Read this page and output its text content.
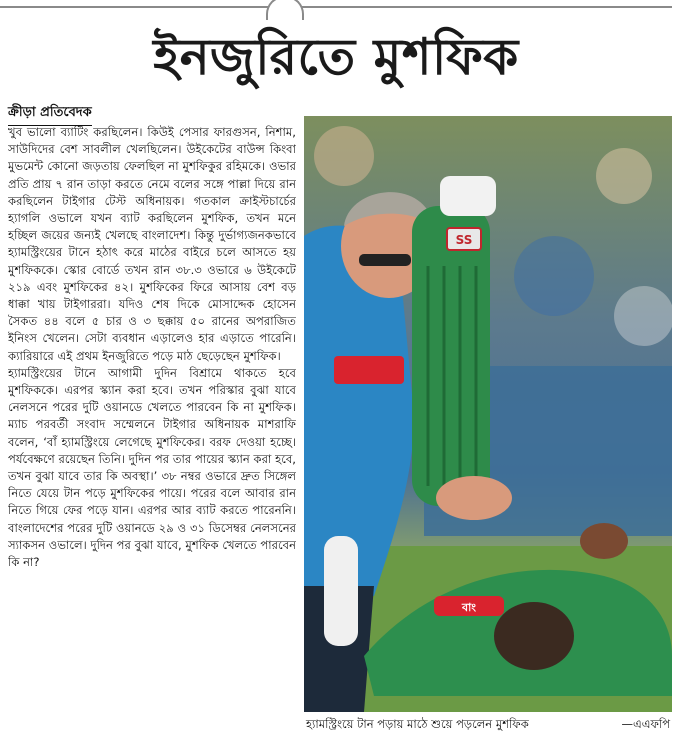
ইনজুরিতে মুশফিক
ক্রীড়া প্রতিবেদক

খুব ভালো ব্যাটিং করছিলেন। কিউই পেসার ফারগুসন, নিশাম, সাউদিদের বেশ সাবলীল খেলছিলেন। উইকেটের বাউন্স কিংবা মুভমেন্ট কোনো জড়তায় ফেলছিল না মুশফিকুর রহিমকে। ওভার প্রতি প্রায় ৭ রান তাড়া করতে নেমে বলের সঙ্গে পাল্লা দিয়ে রান করছিলেন টাইগার টেস্ট অধিনায়ক। গতকাল ক্রাইস্টচার্চের হ্যাগলি ওভালে যখন ব্যাট করছিলেন মুশফিক, তখন মনে হচ্ছিল জয়ের জন্যই খেলছে বাংলাদেশ। কিন্তু দুর্ভাগ্যজনকভাবে হ্যামস্ট্রিংয়ের টানে হঠাৎ করে মাঠের বাইরে চলে আসতে হয় মুশফিককে। স্কোর বোর্ডে তখন রান ৩৮.৩ ওভারে ৬ উইকেটে ২১৯ এবং মুশফিকের ৪২। মুশফিকের ফিরে আসায় বেশ বড় ধাক্কা খায় টাইগাররা। যদিও শেষ দিকে মোসাদ্দেক হোসেন সৈকত ৪৪ বলে ৫ চার ও ৩ ছক্কায় ৫০ রানের অপরাজিত ইনিংস খেলেন। সেটা ব্যবধান এড়ালেও হার এড়াতে পারেনি। ক্যারিয়ারে এই প্রথম ইনজুরিতে পড়ে মাঠ ছেড়েছেন মুশফিক।

হ্যামস্ট্রিংয়ের টানে আগামী দুদিন বিশ্রামে থাকতে হবে মুশফিককে। এরপর স্ক্যান করা হবে। তখন পরিস্কার বুঝা যাবে নেলসনে পরের দুটি ওয়ানডে খেলতে পারবেন কি না মুশফিক। ম্যাচ পরবর্তী সংবাদ সম্মেলনে টাইগার অধিনায়ক মাশরাফি বলেন, ‘বাঁ হ্যামস্ট্রিংয়ে লেগেছে মুশফিকের। বরফ দেওয়া হচ্ছে। পর্যবেক্ষণে রয়েছেন তিনি। দুদিন পর তার পায়ের স্ক্যান করা হবে, তখন বুঝা যাবে তার কি অবস্থা।’ ৩৮ নম্বর ওভারে দ্রুত সিঙ্গেল নিতে যেয়ে টান পড়ে মুশফিকের পায়ে। পরের বলে আবার রান নিতে গিয়ে ফের পড়ে যান। এরপর আর ব্যাট করতে পারেননি। বাংলাদেশের পরের দুটি ওয়ানডে ২৯ ও ৩১ ডিসেম্বর নেলসনের স্যাকসন ওভালে। দুদিন পর বুঝা যাবে, মুশফিক খেলতে পারবেন কি না?

SS
বাং
হ্যামস্ট্রিংয়ে টান পড়ায় মাঠে শুয়ে পড়লেন মুশফিক	—এএফপি
